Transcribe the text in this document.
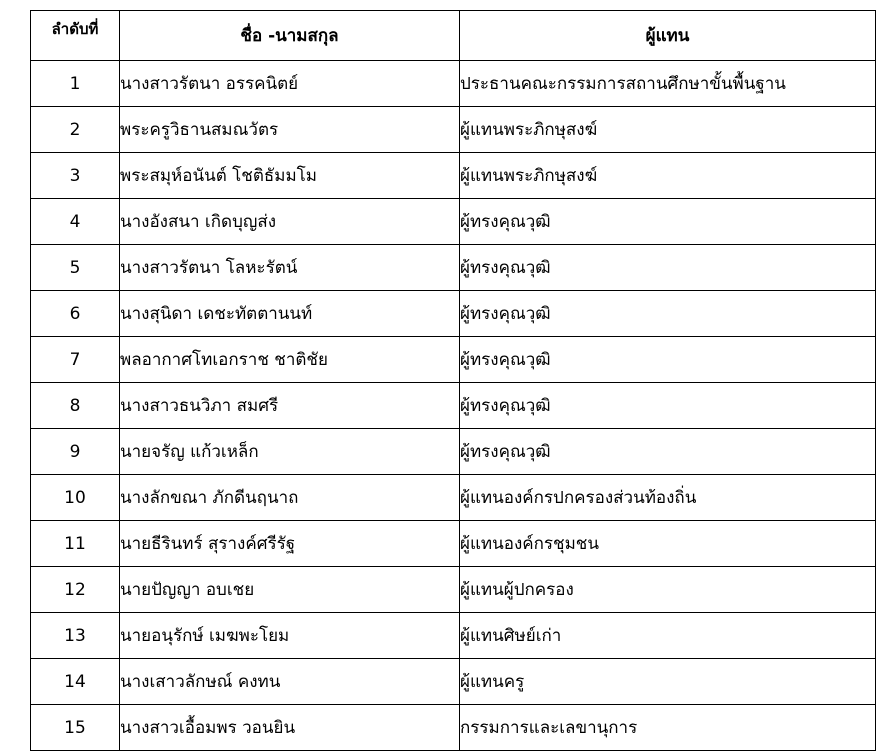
ลำดับที่	ชื่อ -นามสกุล	ผู้แทน
1	นางสาวรัตนา อรรคนิตย์	ประธานคณะกรรมการสถานศึกษาขั้นพื้นฐาน
2	พระครูวิธานสมณวัตร	ผู้แทนพระภิกษุสงฆ์
3	พระสมุห์อนันต์ โชติธัมมโม	ผู้แทนพระภิกษุสงฆ์
4	นางอังสนา เกิดบุญส่ง	ผู้ทรงคุณวุฒิ
5	นางสาวรัตนา โลหะรัตน์	ผู้ทรงคุณวุฒิ
6	นางสุนิดา เดชะทัตตานนท์	ผู้ทรงคุณวุฒิ
7	พลอากาศโทเอกราช ชาติชัย	ผู้ทรงคุณวุฒิ
8	นางสาวธนวิภา สมศรี	ผู้ทรงคุณวุฒิ
9	นายจรัญ แก้วเหล็ก	ผู้ทรงคุณวุฒิ
10	นางลักขณา ภักดีนฤนาถ	ผู้แทนองค์กรปกครองส่วนท้องถิ่น
11	นายธีรินทร์ สุรางค์ศรีรัฐ	ผู้แทนองค์กรชุมชน
12	นายปัญญา อบเชย	ผู้แทนผู้ปกครอง
13	นายอนุรักษ์ เมฆพะโยม	ผู้แทนศิษย์เก่า
14	นางเสาวลักษณ์ คงทน	ผู้แทนครู
15	นางสาวเอื้อมพร วอนยิน	กรรมการและเลขานุการ
